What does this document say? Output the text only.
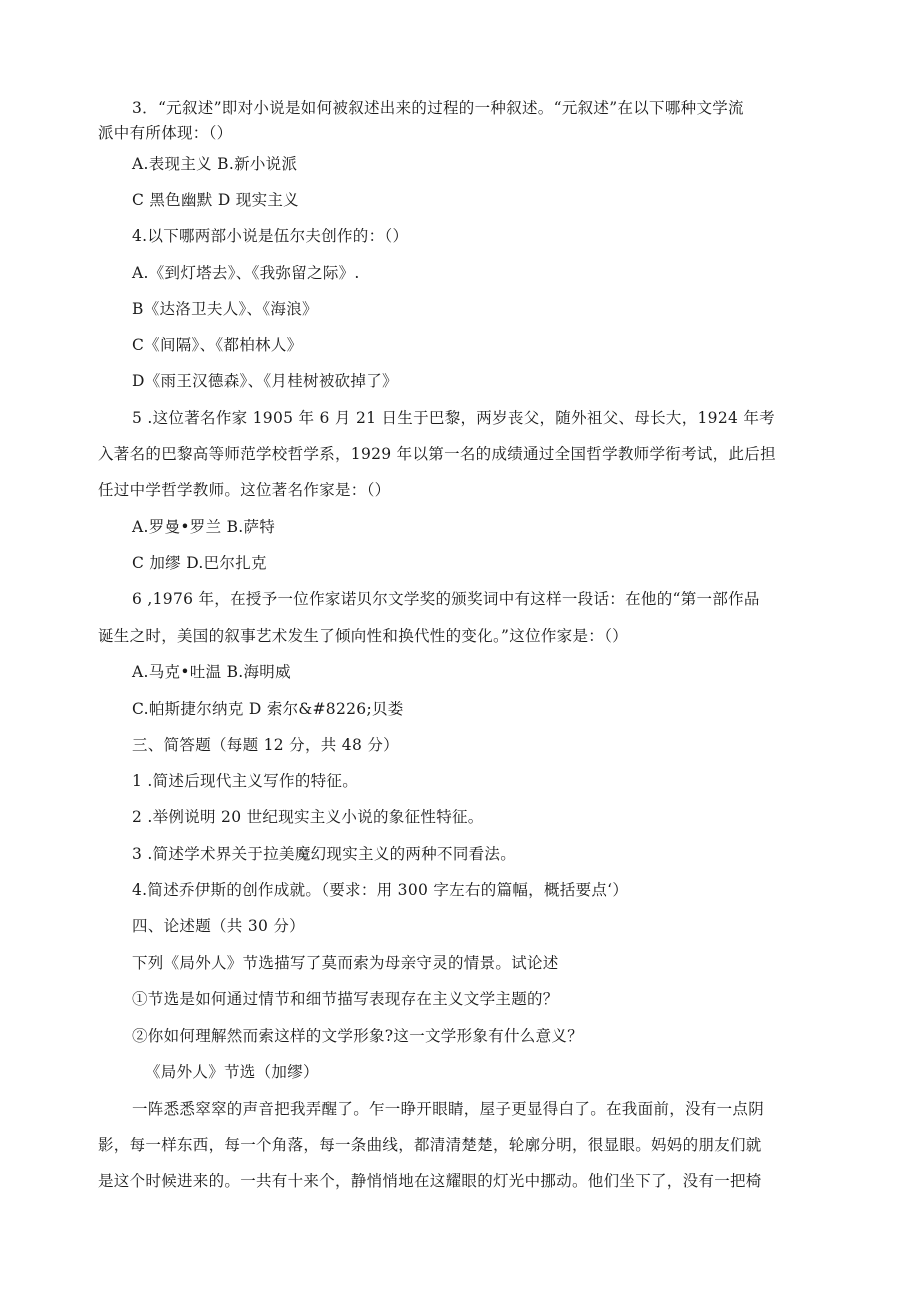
3．“元叙述”即对小说是如何被叙述出来的过程的一种叙述。“元叙述”在以下哪种文学流
派中有所体现：（）
A.表现主义 B.新小说派
C 黑色幽默 D 现实主义
4.以下哪两部小说是伍尔夫创作的：（）
A.《到灯塔去》、《我弥留之际》.
B《达洛卫夫人》、《海浪》
C《间隔》、《都柏林人》
D《雨王汉德森》、《月桂树被砍掉了》
5 .这位著名作家 1905 年 6 月 21 日生于巴黎，两岁丧父，随外祖父、母长大，1924 年考
入著名的巴黎高等师范学校哲学系，1929 年以第一名的成绩通过全国哲学教师学衔考试，此后担
任过中学哲学教师。这位著名作家是：（）
A.罗曼•罗兰 B.萨特
C 加缪 D.巴尔扎克
6 ,1976 年，在授予一位作家诺贝尔文学奖的颁奖词中有这样一段话：在他的“第一部作品
诞生之时，美国的叙事艺术发生了倾向性和换代性的变化。”这位作家是：（）
A.马克•吐温 B.海明威
C.帕斯捷尔纳克 D 索尔&#8226;贝娄
三、简答题（每题 12 分，共 48 分）
1 .简述后现代主义写作的特征。
2 .举例说明 20 世纪现实主义小说的象征性特征。
3 .简述学术界关于拉美魔幻现实主义的两种不同看法。
4.简述乔伊斯的创作成就。（要求：用 300 字左右的篇幅，概括要点‘）
四、论述题（共 30 分）
下列《局外人》节选描写了莫而索为母亲守灵的情景。试论述
①节选是如何通过情节和细节描写表现存在主义文学主题的？
②你如何理解然而索这样的文学形象?这一文学形象有什么意义？
《局外人》节选（加缪）
一阵悉悉窣窣的声音把我弄醒了。乍一睁开眼睛，屋子更显得白了。在我面前，没有一点阴
影，每一样东西，每一个角落，每一条曲线，都清清楚楚，轮廓分明，很显眼。妈妈的朋友们就
是这个时候进来的。一共有十来个，静悄悄地在这耀眼的灯光中挪动。他们坐下了，没有一把椅
